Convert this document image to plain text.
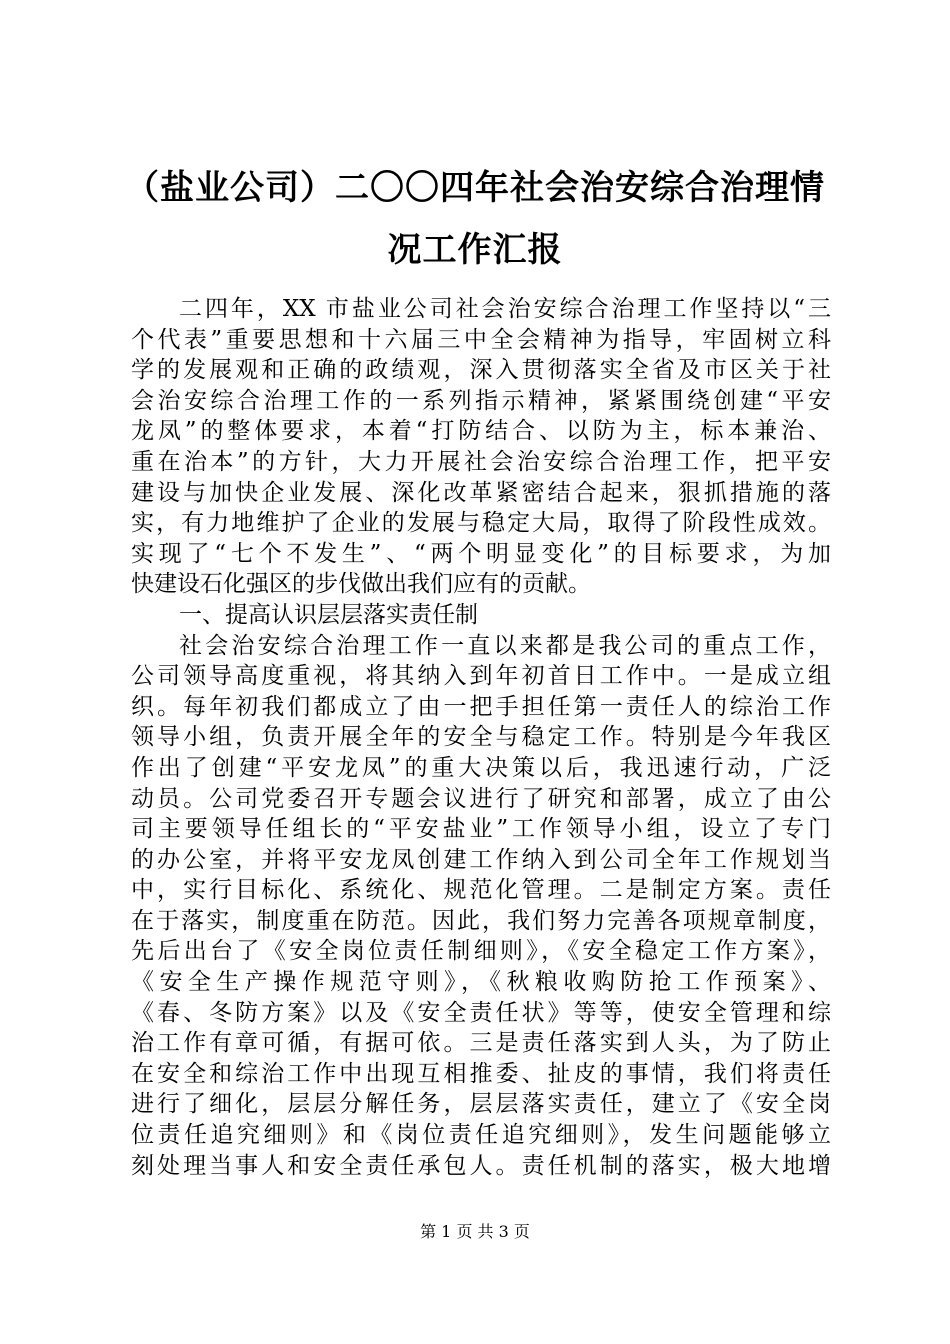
（盐业公司）二〇〇四年社会治安综合治理情
况工作汇报
二四年，XX 市盐业公司社会治安综合治理工作坚持以“三
个代表”重要思想和十六届三中全会精神为指导，牢固树立科
学的发展观和正确的政绩观，深入贯彻落实全省及市区关于社
会治安综合治理工作的一系列指示精神，紧紧围绕创建“平安
龙凤”的整体要求，本着“打防结合、以防为主，标本兼治、
重在治本”的方针，大力开展社会治安综合治理工作，把平安
建设与加快企业发展、深化改革紧密结合起来，狠抓措施的落
实，有力地维护了企业的发展与稳定大局，取得了阶段性成效。
实现了“七个不发生”、“两个明显变化”的目标要求，为加
快建设石化强区的步伐做出我们应有的贡献。
一、提高认识层层落实责任制
社会治安综合治理工作一直以来都是我公司的重点工作，
公司领导高度重视，将其纳入到年初首日工作中。一是成立组
织。每年初我们都成立了由一把手担任第一责任人的综治工作
领导小组，负责开展全年的安全与稳定工作。特别是今年我区
作出了创建“平安龙凤”的重大决策以后，我迅速行动，广泛
动员。公司党委召开专题会议进行了研究和部署，成立了由公
司主要领导任组长的“平安盐业”工作领导小组，设立了专门
的办公室，并将平安龙凤创建工作纳入到公司全年工作规划当
中，实行目标化、系统化、规范化管理。二是制定方案。责任
在于落实，制度重在防范。因此，我们努力完善各项规章制度，
先后出台了《安全岗位责任制细则》，《安全稳定工作方案》，
《安全生产操作规范守则》，《秋粮收购防抢工作预案》、
《春、冬防方案》以及《安全责任状》等等，使安全管理和综
治工作有章可循，有据可依。三是责任落实到人头，为了防止
在安全和综治工作中出现互相推委、扯皮的事情，我们将责任
进行了细化，层层分解任务，层层落实责任，建立了《安全岗
位责任追究细则》和《岗位责任追究细则》，发生问题能够立
刻处理当事人和安全责任承包人。责任机制的落实，极大地增
第 1 页 共 3 页
